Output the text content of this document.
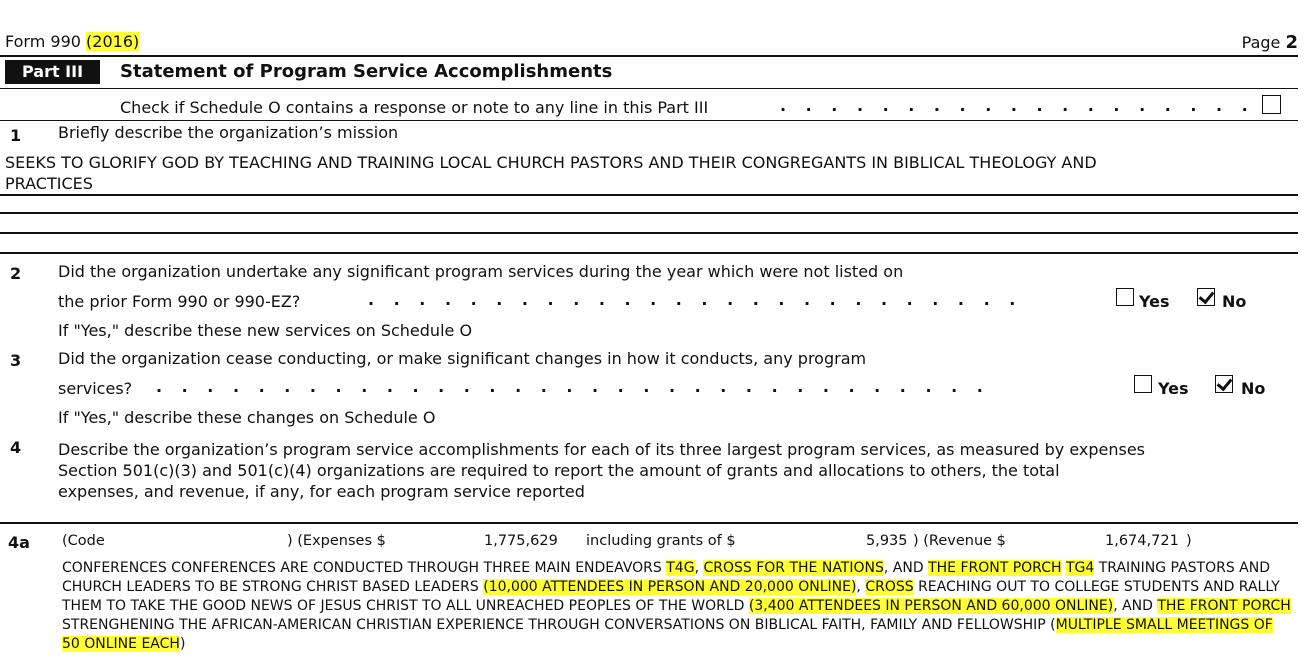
Form 990 (2016)	Page 2
Part III	Statement of Program Service Accomplishments
Check if Schedule O contains a response or note to any line in this Part III	. . . . . . . . . . . . . . . . . . .
1 Briefly describe the organization’s mission
SEEKS TO GLORIFY GOD BY TEACHING AND TRAINING LOCAL CHURCH PASTORS AND THEIR CONGREGANTS IN BIBLICAL THEOLOGY AND
PRACTICES
2 Did the organization undertake any significant program services during the year which were not listed on
the prior Form 990 or 990-EZ?	. . . . . . . . . . . . . . . . . . . . . . . . . .	Yes	No
If "Yes," describe these new services on Schedule O
3 Did the organization cease conducting, or make significant changes in how it conducts, any program
services? . . . . . . . . . . . . . . . . . . . . . . . . . . . . . . . . .	Yes	No
If "Yes," describe these changes on Schedule O
4 Describe the organization’s program service accomplishments for each of its three largest program services, as measured by expenses
Section 501(c)(3) and 501(c)(4) organizations are required to report the amount of grants and allocations to others, the total
expenses, and revenue, if any, for each program service reported
4a (Code	) (Expenses $	1,775,629 including grants of $	5,935 ) (Revenue $	1,674,721 )
CONFERENCES CONFERENCES ARE CONDUCTED THROUGH THREE MAIN ENDEAVORS T4G, CROSS FOR THE NATIONS, AND THE FRONT PORCH TG4 TRAINING PASTORS AND CHURCH LEADERS TO BE STRONG CHRIST BASED LEADERS (10,000 ATTENDEES IN PERSON AND 20,000 ONLINE), CROSS REACHING OUT TO COLLEGE STUDENTS AND RALLY THEM TO TAKE THE GOOD NEWS OF JESUS CHRIST TO ALL UNREACHED PEOPLES OF THE WORLD (3,400 ATTENDEES IN PERSON AND 60,000 ONLINE), AND THE FRONT PORCH STRENGHENING THE AFRICAN-AMERICAN CHRISTIAN EXPERIENCE THROUGH CONVERSATIONS ON BIBLICAL FAITH, FAMILY AND FELLOWSHIP (MULTIPLE SMALL MEETINGS OF 50 ONLINE EACH)
